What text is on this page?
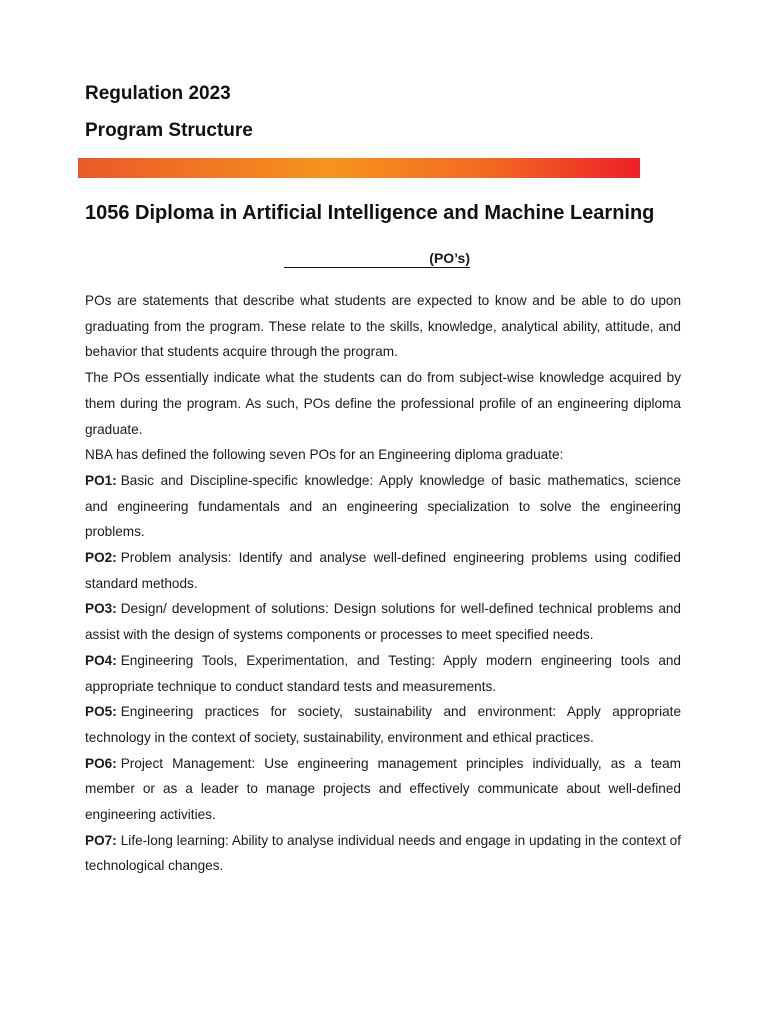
Regulation 2023
Program Structure
1056 Diploma in Artificial Intelligence and Machine Learning
(PO’s)

POs are statements that describe what students are expected to know and be able to do upon graduating from the program. These relate to the skills, knowledge, analytical ability, attitude, and behavior that students acquire through the program.

The POs essentially indicate what the students can do from subject-wise knowledge acquired by them during the program. As such, POs define the professional profile of an engineering diploma graduate.

NBA has defined the following seven POs for an Engineering diploma graduate:

PO1: Basic and Discipline-specific knowledge: Apply knowledge of basic mathematics, science and engineering fundamentals and an engineering specialization to solve the engineering problems.

PO2: Problem analysis: Identify and analyse well-defined engineering problems using codified standard methods.

PO3: Design/ development of solutions: Design solutions for well-defined technical problems and assist with the design of systems components or processes to meet specified needs.

PO4: Engineering Tools, Experimentation, and Testing: Apply modern engineering tools and appropriate technique to conduct standard tests and measurements.

PO5: Engineering practices for society, sustainability and environment: Apply appropriate technology in the context of society, sustainability, environment and ethical practices.

PO6: Project Management: Use engineering management principles individually, as a team member or as a leader to manage projects and effectively communicate about well-defined engineering activities.

PO7: Life-long learning: Ability to analyse individual needs and engage in updating in the context of technological changes.
